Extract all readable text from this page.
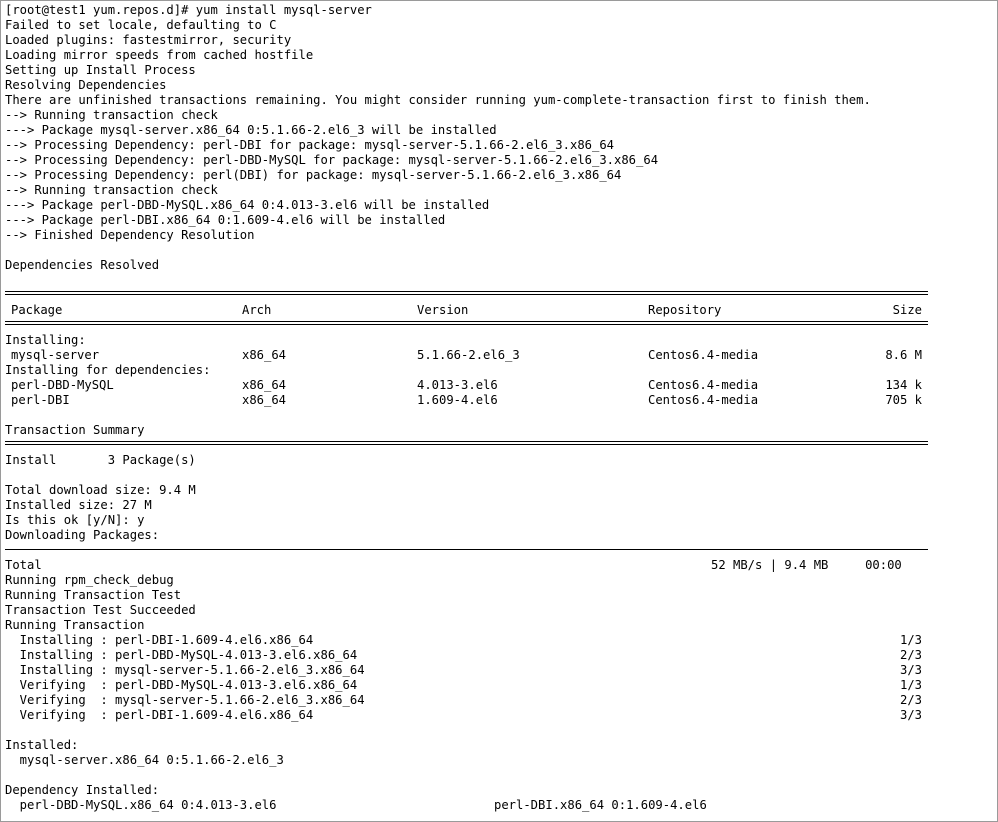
[root@test1 yum.repos.d]# yum install mysql-server
Failed to set locale, defaulting to C
Loaded plugins: fastestmirror, security
Loading mirror speeds from cached hostfile
Setting up Install Process
Resolving Dependencies
There are unfinished transactions remaining. You might consider running yum-complete-transaction first to finish them.
--> Running transaction check
---> Package mysql-server.x86_64 0:5.1.66-2.el6_3 will be installed
--> Processing Dependency: perl-DBI for package: mysql-server-5.1.66-2.el6_3.x86_64
--> Processing Dependency: perl-DBD-MySQL for package: mysql-server-5.1.66-2.el6_3.x86_64
--> Processing Dependency: perl(DBI) for package: mysql-server-5.1.66-2.el6_3.x86_64
--> Running transaction check
---> Package perl-DBD-MySQL.x86_64 0:4.013-3.el6 will be installed
---> Package perl-DBI.x86_64 0:1.609-4.el6 will be installed
--> Finished Dependency Resolution
Dependencies Resolved
Package	Arch	Version	Repository	Size
Installing:
mysql-server	x86_64	5.1.66-2.el6_3	Centos6.4-media	8.6 M
Installing for dependencies:
perl-DBD-MySQL	x86_64	4.013-3.el6	Centos6.4-media	134 k
perl-DBI	x86_64	1.609-4.el6	Centos6.4-media	705 k
Transaction Summary
Install       3 Package(s)
Total download size: 9.4 M
Installed size: 27 M
Is this ok [y/N]: y
Downloading Packages:
Total	52 MB/s | 9.4 MB     00:00
Running rpm_check_debug
Running Transaction Test
Transaction Test Succeeded
Running Transaction
Installing : perl-DBI-1.609-4.el6.x86_64	1/3
Installing : perl-DBD-MySQL-4.013-3.el6.x86_64	2/3
Installing : mysql-server-5.1.66-2.el6_3.x86_64	3/3
Verifying  : perl-DBD-MySQL-4.013-3.el6.x86_64	1/3
Verifying  : mysql-server-5.1.66-2.el6_3.x86_64	2/3
Verifying  : perl-DBI-1.609-4.el6.x86_64	3/3
Installed:
mysql-server.x86_64 0:5.1.66-2.el6_3
Dependency Installed:
perl-DBD-MySQL.x86_64 0:4.013-3.el6	perl-DBI.x86_64 0:1.609-4.el6
